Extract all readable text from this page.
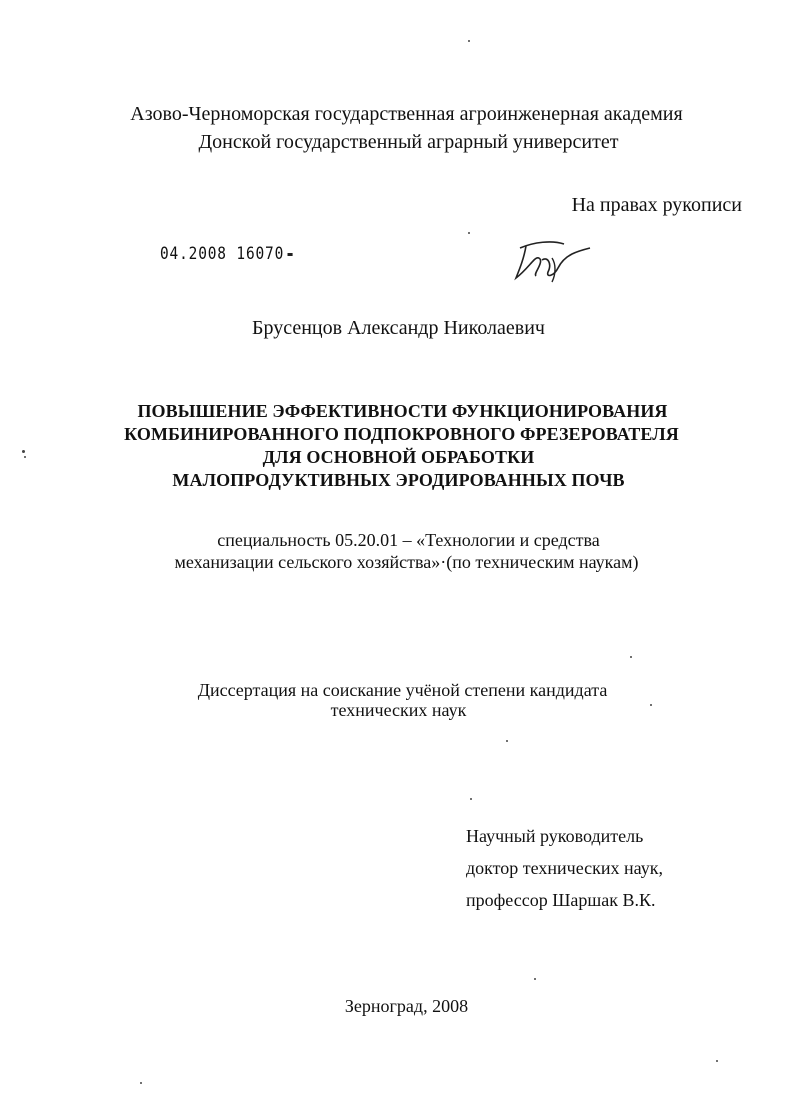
Азово-Черноморская государственная агроинженерная академия
Донской государственный аграрный университет
На правах рукописи
04.2008 16070
Брусенцов Александр Николаевич
ПОВЫШЕНИЕ ЭФФЕКТИВНОСТИ ФУНКЦИОНИРОВАНИЯ
КОМБИНИРОВАННОГО ПОДПОКРОВНОГО ФРЕЗЕРОВАТЕЛЯ
ДЛЯ ОСНОВНОЙ ОБРАБОТКИ
МАЛОПРОДУКТИВНЫХ ЭРОДИРОВАННЫХ ПОЧВ
специальность 05.20.01 – «Технологии и средства
механизации сельского хозяйства»·(по техническим наукам)
Диссертация на соискание учёной степени кандидата
технических наук
Научный руководитель
доктор технических наук,
профессор Шаршак В.К.
Зерноград, 2008
